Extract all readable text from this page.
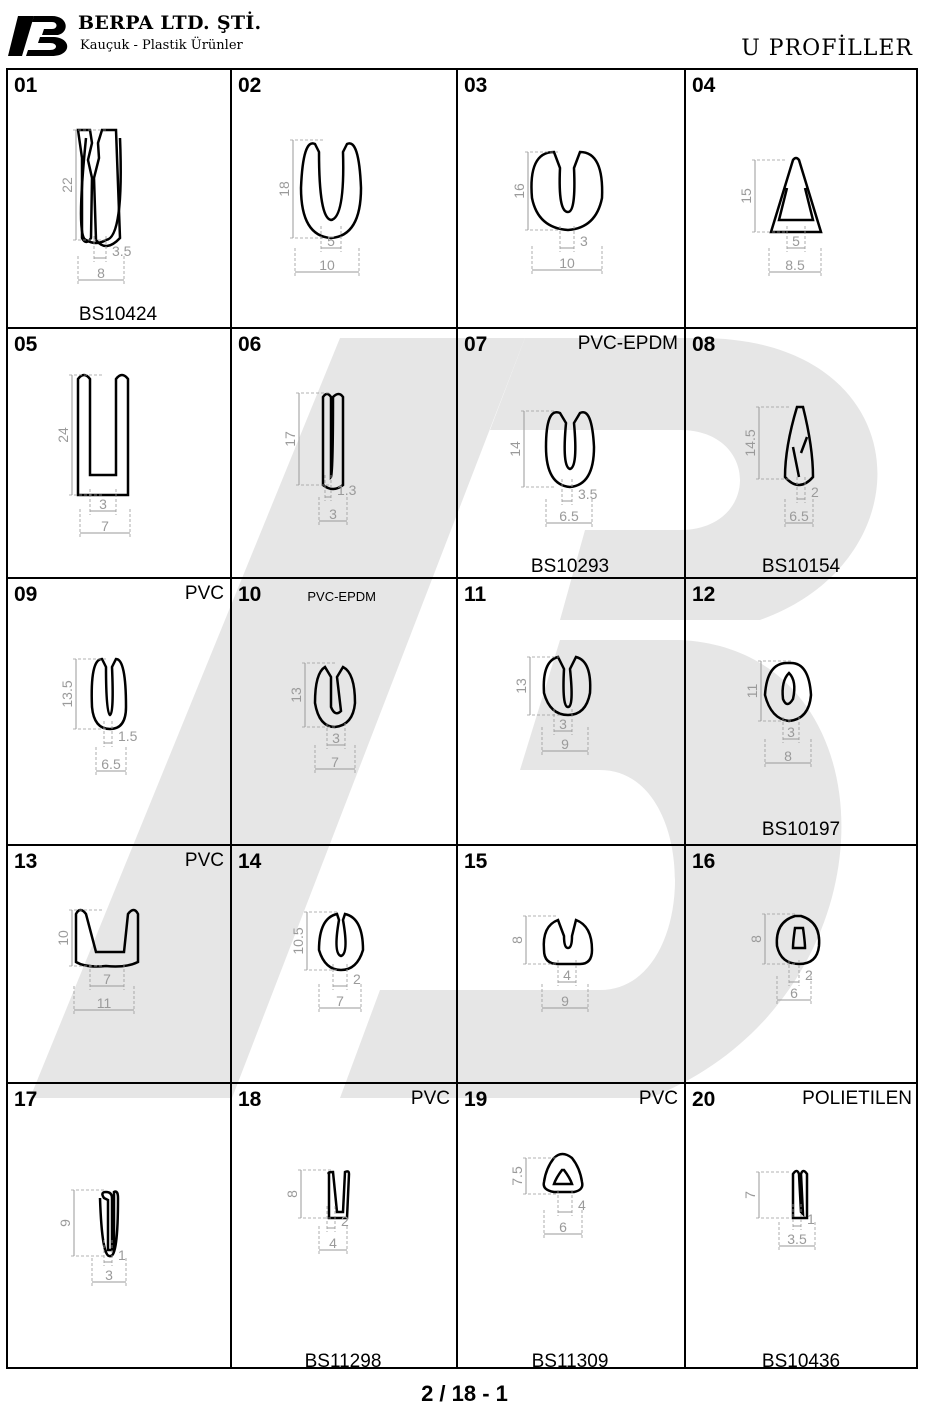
BERPA LTD. ŞTİ.
Kauçuk - Plastik Ürünler	U PROFİLLER
01
BS10424
22
3.5
8
02
18
5
10
03
16
3
10
04
15
5
8.5
05
24
3
7
06
17
1.3
3
07	PVC-EPDM
BS10293
14
3.5
6.5
08
BS10154
14.5
2
6.5
09	PVC
13.5
1.5
6.5
10	PVC-EPDM
13
3
7
11
13
3
9
12
BS10197
11
3
8
13	PVC
10
7
11
14
10.5
2
7
15
8
4
9
16
8
2
6
17
9
1
3
18	PVC
BS11298
8
2
4
19	PVC
BS11309
7.5
4
6
20	POLIETILEN
BS10436
7
1
3.5
2 / 18 - 1
